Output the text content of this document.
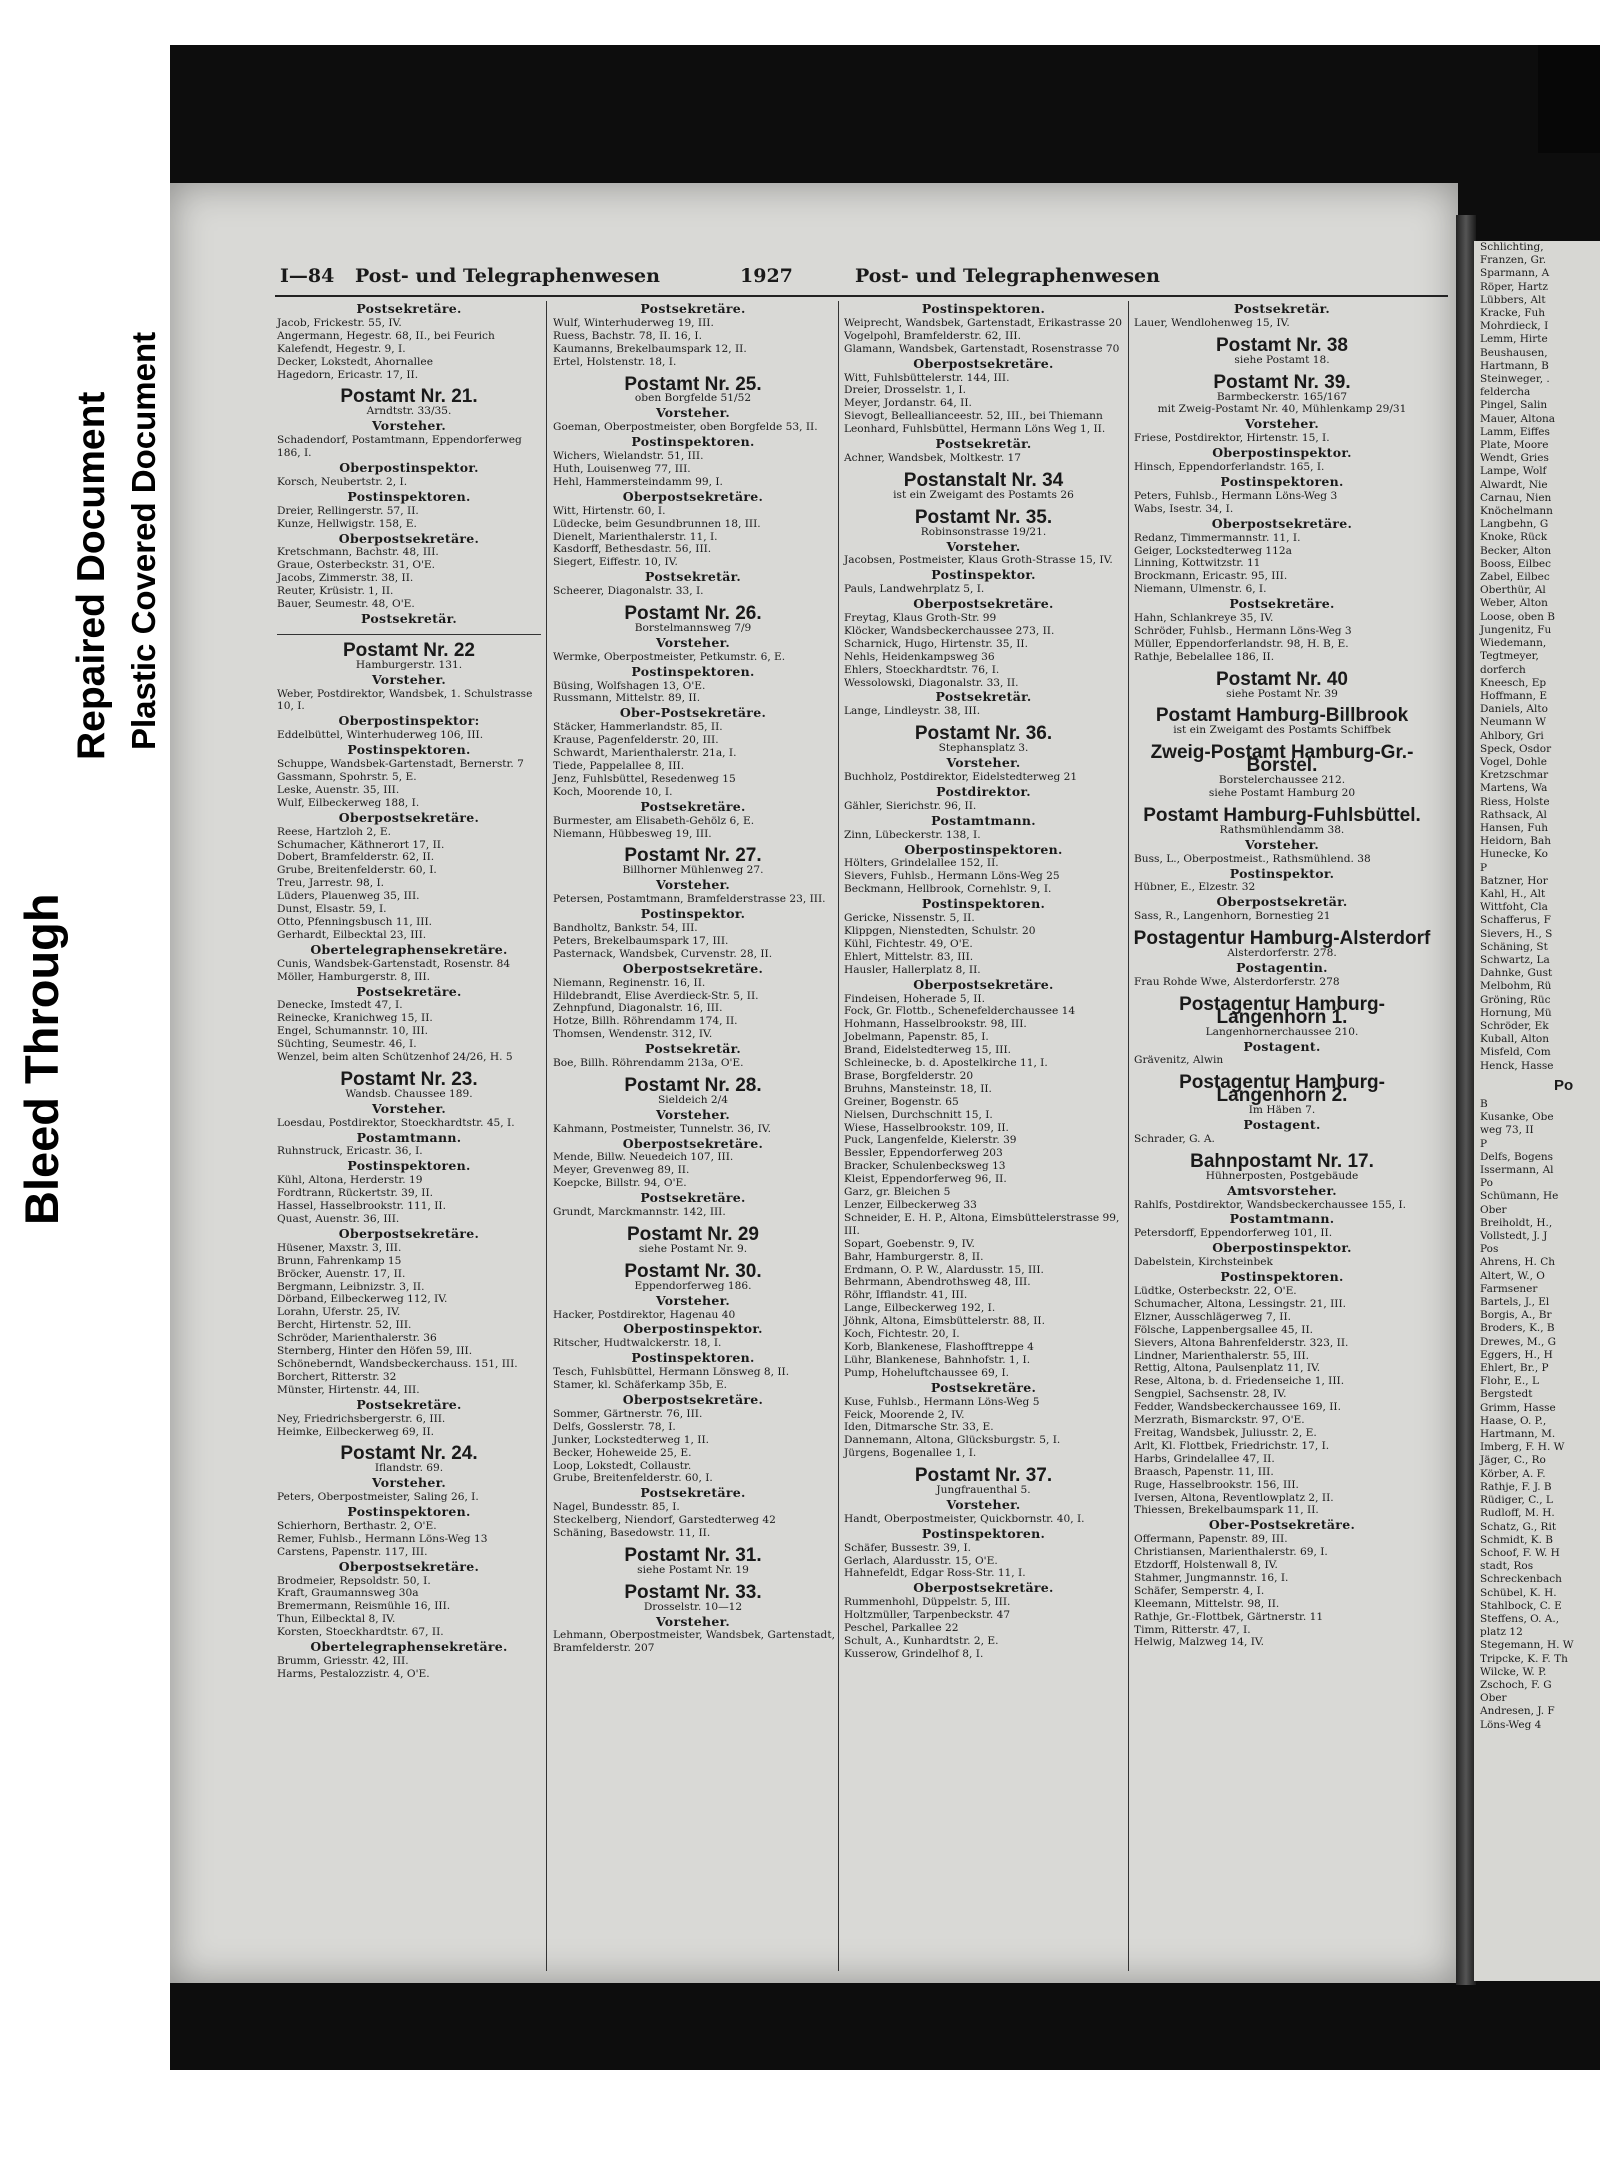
Bleed Through
Repaired Document Plastic Covered Document
I—84 Post- und Telegraphenwesen	1927	Post- und Telegraphenwesen
Postsekretäre.
Jacob, Frickestr. 55, IV.
Angermann, Hegestr. 68, II., bei Feurich
Kalefendt, Hegestr. 9, I.
Decker, Lokstedt, Ahornallee
Hagedorn, Ericastr. 17, II.
Postamt Nr. 21.
Arndtstr. 33/35.
Vorsteher.
Schadendorf, Postamtmann, Eppendorferweg 186, I.
Oberpostinspektor.
Korsch, Neubertstr. 2, I.
Postinspektoren.
Dreier, Rellingerstr. 57, II.
Kunze, Hellwigstr. 158, E.
Oberpostsekretäre.
Kretschmann, Bachstr. 48, III.
Graue, Osterbeckstr. 31, O'E.
Jacobs, Zimmerstr. 38, II.
Reuter, Krüsistr. 1, II.
Bauer, Seumestr. 48, O'E.
Postsekretär.
Postamt Nr. 22
Hamburgerstr. 131.
Vorsteher.
Weber, Postdirektor, Wandsbek, 1. Schulstrasse 10, I.
Oberpostinspektor:
Eddelbüttel, Winterhuderweg 106, III.
Postinspektoren.
Schuppe, Wandsbek-Gartenstadt, Bernerstr. 7
Gassmann, Spohrstr. 5, E.
Leske, Auenstr. 35, III.
Wulf, Eilbeckerweg 188, I.
Oberpostsekretäre.
Reese, Hartzloh 2, E.
Schumacher, Käthnerort 17, II.
Dobert, Bramfelderstr. 62, II.
Grube, Breitenfelderstr. 60, I.
Treu, Jarrestr. 98, I.
Lüders, Plauenweg 35, III.
Dunst, Elsastr. 59, I.
Otto, Pfenningsbusch 11, III.
Gerhardt, Eilbecktal 23, III.
Obertelegraphensekretäre.
Cunis, Wandsbek-Gartenstadt, Rosenstr. 84
Möller, Hamburgerstr. 8, III.
Postsekretäre.
Denecke, Imstedt 47, I.
Reinecke, Kranichweg 15, II.
Engel, Schumannstr. 10, III.
Süchting, Seumestr. 46, I.
Wenzel, beim alten Schützenhof 24/26, H. 5
Postamt Nr. 23.
Wandsb. Chaussee 189.
Vorsteher.
Loesdau, Postdirektor, Stoeckhardtstr. 45, I.
Postamtmann.
Ruhnstruck, Ericastr. 36, I.
Postinspektoren.
Kühl, Altona, Herderstr. 19
Fordtrann, Rückertstr. 39, II.
Hassel, Hasselbrookstr. 111, II.
Quast, Auenstr. 36, III.
Oberpostsekretäre.
Hüsener, Maxstr. 3, III.
Brunn, Fahrenkamp 15
Bröcker, Auenstr. 17, II.
Bergmann, Leibnizstr. 3, II.
Dörband, Eilbeckerweg 112, IV.
Lorahn, Uferstr. 25, IV.
Bercht, Hirtenstr. 52, III.
Schröder, Marienthalerstr. 36
Sternberg, Hinter den Höfen 59, III.
Schöneberndt, Wandsbeckerchauss. 151, III.
Borchert, Ritterstr. 32
Münster, Hirtenstr. 44, III.
Postsekretäre.
Ney, Friedrichsbergerstr. 6, III.
Heimke, Eilbeckerweg 69, II.
Postamt Nr. 24.
Iflandstr. 69.
Vorsteher.
Peters, Oberpostmeister, Saling 26, I.
Postinspektoren.
Schierhorn, Berthastr. 2, O'E.
Remer, Fuhlsb., Hermann Löns-Weg 13
Carstens, Papenstr. 117, III.
Oberpostsekretäre.
Brodmeier, Repsoldstr. 50, I.
Kraft, Graumannsweg 30a
Bremermann, Reismühle 16, III.
Thun, Eilbecktal 8, IV.
Korsten, Stoeckhardtstr. 67, II.
Obertelegraphensekretäre.
Brumm, Griesstr. 42, III.
Harms, Pestalozzistr. 4, O'E.
Postsekretäre.
Wulf, Winterhuderweg 19, III.
Ruess, Bachstr. 78, II. 16, I.
Kaumanns, Brekelbaumspark 12, II.
Ertel, Holstenstr. 18, I.
Postamt Nr. 25.
oben Borgfelde 51/52
Vorsteher.
Goeman, Oberpostmeister, oben Borgfelde 53, II.
Postinspektoren.
Wichers, Wielandstr. 51, III.
Huth, Louisenweg 77, III.
Hehl, Hammersteindamm 99, I.
Oberpostsekretäre.
Witt, Hirtenstr. 60, I.
Lüdecke, beim Gesundbrunnen 18, III.
Dienelt, Marienthalerstr. 11, I.
Kasdorff, Bethesdastr. 56, III.
Siegert, Eiffestr. 10, IV.
Postsekretär.
Scheerer, Diagonalstr. 33, I.
Postamt Nr. 26.
Borstelmannsweg 7/9
Vorsteher.
Wermke, Oberpostmeister, Petkumstr. 6, E.
Postinspektoren.
Büsing, Wolfshagen 13, O'E.
Russmann, Mittelstr. 89, II.
Ober-Postsekretäre.
Stäcker, Hammerlandstr. 85, II.
Krause, Pagenfelderstr. 20, III.
Schwardt, Marienthalerstr. 21a, I.
Tiede, Pappelallee 8, III.
Jenz, Fuhlsbüttel, Resedenweg 15
Koch, Moorende 10, I.
Postsekretäre.
Burmester, am Elisabeth-Gehölz 6, E.
Niemann, Hübbesweg 19, III.
Postamt Nr. 27.
Billhorner Mühlenweg 27.
Vorsteher.
Petersen, Postamtmann, Bramfelderstrasse 23, III.
Postinspektor.
Bandholtz, Bankstr. 54, III.
Peters, Brekelbaumspark 17, III.
Pasternack, Wandsbek, Curvenstr. 28, II.
Oberpostsekretäre.
Niemann, Reginenstr. 16, II.
Hildebrandt, Elise Averdieck-Str. 5, II.
Zehnpfund, Diagonalstr. 16, III.
Hotze, Billh. Röhrendamm 174, II.
Thomsen, Wendenstr. 312, IV.
Postsekretär.
Boe, Billh. Röhrendamm 213a, O'E.
Postamt Nr. 28.
Sieldeich 2/4
Vorsteher.
Kahmann, Postmeister, Tunnelstr. 36, IV.
Oberpostsekretäre.
Mende, Billw. Neuedeich 107, III.
Meyer, Grevenweg 89, II.
Koepcke, Billstr. 94, O'E.
Postsekretäre.
Grundt, Marckmannstr. 142, III.
Postamt Nr. 29
siehe Postamt Nr. 9.
Postamt Nr. 30.
Eppendorferweg 186.
Vorsteher.
Hacker, Postdirektor, Hagenau 40
Oberpostinspektor.
Ritscher, Hudtwalckerstr. 18, I.
Postinspektoren.
Tesch, Fuhlsbüttel, Hermann Lönsweg 8, II.
Stamer, kl. Schäferkamp 35b, E.
Oberpostsekretäre.
Sommer, Gärtnerstr. 76, III.
Delfs, Gosslerstr. 78, I.
Junker, Lockstedterweg 1, II.
Becker, Hoheweide 25, E.
Loop, Lokstedt, Collaustr.
Grube, Breitenfelderstr. 60, I.
Postsekretäre.
Nagel, Bundesstr. 85, I.
Steckelberg, Niendorf, Garstedterweg 42
Schäning, Basedowstr. 11, II.
Postamt Nr. 31.
siehe Postamt Nr. 19
Postamt Nr. 33.
Drosselstr. 10—12
Vorsteher.
Lehmann, Oberpostmeister, Wandsbek, Gartenstadt, Bramfelderstr. 207
Postinspektoren.
Weiprecht, Wandsbek, Gartenstadt, Erikastrasse 20
Vogelpohl, Bramfelderstr. 62, III.
Glamann, Wandsbek, Gartenstadt, Rosenstrasse 70
Oberpostsekretäre.
Witt, Fuhlsbüttelerstr. 144, III.
Dreier, Drosselstr. 1, I.
Meyer, Jordanstr. 64, II.
Sievogt, Belleallianceestr. 52, III., bei Thiemann
Leonhard, Fuhlsbüttel, Hermann Löns Weg 1, II.
Postsekretär.
Achner, Wandsbek, Moltkestr. 17
Postanstalt Nr. 34
ist ein Zweigamt des Postamts 26
Postamt Nr. 35.
Robinsonstrasse 19/21.
Vorsteher.
Jacobsen, Postmeister, Klaus Groth-Strasse 15, IV.
Postinspektor.
Pauls, Landwehrplatz 5, I.
Oberpostsekretäre.
Freytag, Klaus Groth-Str. 99
Klöcker, Wandsbeckerchaussee 273, II.
Scharnick, Hugo, Hirtenstr. 35, II.
Nehls, Heidenkampsweg 36
Ehlers, Stoeckhardtstr. 76, I.
Wessolowski, Diagonalstr. 33, II.
Postsekretär.
Lange, Lindleystr. 38, III.
Postamt Nr. 36.
Stephansplatz 3.
Vorsteher.
Buchholz, Postdirektor, Eidelstedterweg 21
Postdirektor.
Gähler, Sierichstr. 96, II.
Postamtmann.
Zinn, Lübeckerstr. 138, I.
Oberpostinspektoren.
Hölters, Grindelallee 152, II.
Sievers, Fuhlsb., Hermann Löns-Weg 25
Beckmann, Hellbrook, Cornehlstr. 9, I.
Postinspektoren.
Gericke, Nissenstr. 5, II.
Klippgen, Nienstedten, Schulstr. 20
Kühl, Fichtestr. 49, O'E.
Ehlert, Mittelstr. 83, III.
Hausler, Hallerplatz 8, II.
Oberpostsekretäre.
Findeisen, Hoherade 5, II.
Fock, Gr. Flottb., Schenefelderchaussee 14
Hohmann, Hasselbrookstr. 98, III.
Jobelmann, Papenstr. 85, I.
Brand, Eidelstedterweg 15, III.
Schleinecke, b. d. Apostelkirche 11, I.
Brase, Borgfelderstr. 20
Bruhns, Mansteinstr. 18, II.
Greiner, Bogenstr. 65
Nielsen, Durchschnitt 15, I.
Wiese, Hasselbrookstr. 109, II.
Puck, Langenfelde, Kielerstr. 39
Bessler, Eppendorferweg 203
Bracker, Schulenbecksweg 13
Kleist, Eppendorferweg 96, II.
Garz, gr. Bleichen 5
Lenzer, Eilbeckerweg 33
Schneider, E. H. P., Altona, Eimsbüttelerstrasse 99, III.
Sopart, Goebenstr. 9, IV.
Bahr, Hamburgerstr. 8, II.
Erdmann, O. P. W., Alardusstr. 15, III.
Behrmann, Abendrothsweg 48, III.
Röhr, Ifflandstr. 41, III.
Lange, Eilbeckerweg 192, I.
Jöhnk, Altona, Eimsbüttelerstr. 88, II.
Koch, Fichtestr. 20, I.
Korb, Blankenese, Flashofftreppe 4
Lühr, Blankenese, Bahnhofstr. 1, I.
Pump, Hoheluftchaussee 69, I.
Postsekretäre.
Kuse, Fuhlsb., Hermann Löns-Weg 5
Feick, Moorende 2, IV.
Iden, Ditmarsche Str. 33, E.
Dannemann, Altona, Glücksburgstr. 5, I.
Jürgens, Bogenallee 1, I.
Postamt Nr. 37.
Jungfrauenthal 5.
Vorsteher.
Handt, Oberpostmeister, Quickbornstr. 40, I.
Postinspektoren.
Schäfer, Bussestr. 39, I.
Gerlach, Alardusstr. 15, O'E.
Hahnefeldt, Edgar Ross-Str. 11, I.
Oberpostsekretäre.
Rummenhohl, Düppelstr. 5, III.
Holtzmüller, Tarpenbeckstr. 47
Peschel, Parkallee 22
Schult, A., Kunhardtstr. 2, E.
Kusserow, Grindelhof 8, I.
Postsekretär.
Lauer, Wendlohenweg 15, IV.
Postamt Nr. 38
siehe Postamt 18.
Postamt Nr. 39.
Barmbeckerstr. 165/167
mit Zweig-Postamt Nr. 40, Mühlenkamp 29/31
Vorsteher.
Friese, Postdirektor, Hirtenstr. 15, I.
Oberpostinspektor.
Hinsch, Eppendorferlandstr. 165, I.
Postinspektoren.
Peters, Fuhlsb., Hermann Löns-Weg 3
Wabs, Isestr. 34, I.
Oberpostsekretäre.
Redanz, Timmermannstr. 11, I.
Geiger, Lockstedterweg 112a
Linning, Kottwitzstr. 11
Brockmann, Ericastr. 95, III.
Niemann, Ulmenstr. 6, I.
Postsekretäre.
Hahn, Schlankreye 35, IV.
Schröder, Fuhlsb., Hermann Löns-Weg 3
Müller, Eppendorferlandstr. 98, H. B, E.
Rathje, Bebelallee 186, II.
Postamt Nr. 40
siehe Postamt Nr. 39
Postamt Hamburg-Billbrook
ist ein Zweigamt des Postamts Schiffbek
Zweig-Postamt Hamburg-Gr.-Borstel.
Borstelerchaussee 212.
siehe Postamt Hamburg 20
Postamt Hamburg-Fuhlsbüttel.
Rathsmühlendamm 38.
Vorsteher.
Buss, L., Oberpostmeist., Rathsmühlend. 38
Postinspektor.
Hübner, E., Elzestr. 32
Oberpostsekretär.
Sass, R., Langenhorn, Bornestieg 21
Postagentur Hamburg-Alsterdorf
Alsterdorferstr. 278.
Postagentin.
Frau Rohde Wwe, Alsterdorferstr. 278
Postagentur Hamburg-Langenhorn 1.
Langenhornerchaussee 210.
Postagent.
Grävenitz, Alwin
Postagentur Hamburg-Langenhorn 2.
Im Häben 7.
Postagent.
Schrader, G. A.
Bahnpostamt Nr. 17.
Hühnerposten, Postgebäude
Amtsvorsteher.
Rahlfs, Postdirektor, Wandsbeckerchaussee 155, I.
Postamtmann.
Petersdorff, Eppendorferweg 101, II.
Oberpostinspektor.
Dabelstein, Kirchsteinbek
Postinspektoren.
Lüdtke, Osterbeckstr. 22, O'E.
Schumacher, Altona, Lessingstr. 21, III.
Elzner, Ausschlägerweg 7, II.
Fölsche, Lappenbergsallee 45, II.
Sievers, Altona Bahrenfelderstr. 323, II.
Lindner, Marienthalerstr. 55, III.
Rettig, Altona, Paulsenplatz 11, IV.
Rese, Altona, b. d. Friedenseiche 1, III.
Sengpiel, Sachsenstr. 28, IV.
Fedder, Wandsbeckerchaussee 169, II.
Merzrath, Bismarckstr. 97, O'E.
Freitag, Wandsbek, Juliusstr. 2, E.
Arlt, Kl. Flottbek, Friedrichstr. 17, I.
Harbs, Grindelallee 47, II.
Braasch, Papenstr. 11, III.
Ruge, Hasselbrookstr. 156, III.
Iversen, Altona, Reventlowplatz 2, II.
Thiessen, Brekelbaumspark 11, II.
Ober-Postsekretäre.
Offermann, Papenstr. 89, III.
Christiansen, Marienthalerstr. 69, I.
Etzdorff, Holstenwall 8, IV.
Stahmer, Jungmannstr. 16, I.
Schäfer, Semperstr. 4, I.
Kleemann, Mittelstr. 98, II.
Rathje, Gr.-Flottbek, Gärtnerstr. 11
Timm, Ritterstr. 47, I.
Helwig, Malzweg 14, IV.
Schlichting,
Franzen, Gr.
Sparmann, A
Röper, Hartz
Lübbers, Alt
Kracke, Fuh
Mohrdieck, I
Lemm, Hirte
Beushausen,
Hartmann, B
Steinweger, .
feldercha
Pingel, Salin
Mauer, Altona
Lamm, Eiffes
Plate, Moore
Wendt, Gries
Lampe, Wolf
Alwardt, Nie
Carnau, Nien
Knöchelmann
Langbehn, G
Knoke, Rück
Becker, Alton
Booss, Eilbec
Zabel, Eilbec
Oberthür, Al
Weber, Alton
Loose, oben B
Jungenitz, Fu
Wiedemann,
Tegtmeyer,
dorferch
Kneesch, Ep
Hoffmann, E
Daniels, Alto
Neumann W
Ahlbory, Gri
Speck, Osdor
Vogel, Dohle
Kretzschmar
Martens, Wa
Riess, Holste
Rathsack, Al
Hansen, Fuh
Heidorn, Bah
Hunecke, Ko
P
Batzner, Hor
Kahl, H., Alt
Wittfoht, Cla
Schafferus, F
Sievers, H., S
Schäning, St
Schwartz, La
Dahnke, Gust
Melbohm, Rü
Gröning, Rüc
Hornung, Mü
Schröder, Ek
Kuball, Alton
Misfeld, Com
Henck, Hasse
Po
B
Kusanke, Obe
weg 73, II
P
Delfs, Bogens
Issermann, Al
Po
Schümann, He
Ober
Breiholdt, H.,
Vollstedt, J. J
Pos
Ahrens, H. Ch
Altert, W., O
Farmsener
Bartels, J., El
Borgis, A., Br
Broders, K., B
Drewes, M., G
Eggers, H., H
Ehlert, Br., P
Flohr, E., L
Bergstedt
Grimm, Hasse
Haase, O. P.,
Hartmann, M.
Imberg, F. H. W
Jäger, C., Ro
Körber, A. F.
Rathje, F. J. B
Rüdiger, C., L
Rudloff, M. H.
Schatz, G., Rit
Schmidt, K. B
Schoof, F. W. H
stadt, Ros
Schreckenbach
Schübel, K. H.
Stahlbock, C. E
Steffens, O. A.,
platz 12
Stegemann, H. W
Tripcke, K. F. Th
Wilcke, W. P.
Zschoch, F. G
Ober
Andresen, J. F
Löns-Weg 4
